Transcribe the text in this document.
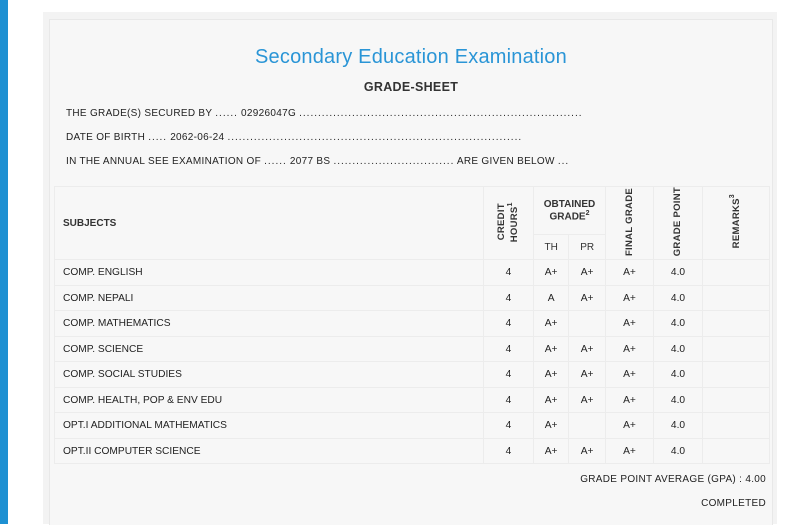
Secondary Education Examination
GRADE-SHEET
THE GRADE(S) SECURED BY ...... 02926047G ...........................................................................
DATE OF BIRTH ..... 2062-06-24 ..............................................................................
IN THE ANNUAL SEE EXAMINATION OF ...... 2077 BS ................................ ARE GIVEN BELOW ...
SUBJECTS	CREDIT HOURS$^1$	OBTAINED GRADE$^2$		FINAL GRADE	GRADE POINT	REMARKS$^3$
		TH	PR			
COMP. ENGLISH	4	A+	A+	A+	4.0	
COMP. NEPALI	4	A	A+	A+	4.0	
COMP. MATHEMATICS	4	A+		A+	4.0	
COMP. SCIENCE	4	A+	A+	A+	4.0	
COMP. SOCIAL STUDIES	4	A+	A+	A+	4.0	
COMP. HEALTH, POP & ENV EDU	4	A+	A+	A+	4.0	
OPT.I ADDITIONAL MATHEMATICS	4	A+		A+	4.0	
OPT.II COMPUTER SCIENCE	4	A+	A+	A+	4.0	
GRADE POINT AVERAGE (GPA) : 4.00
COMPLETED
